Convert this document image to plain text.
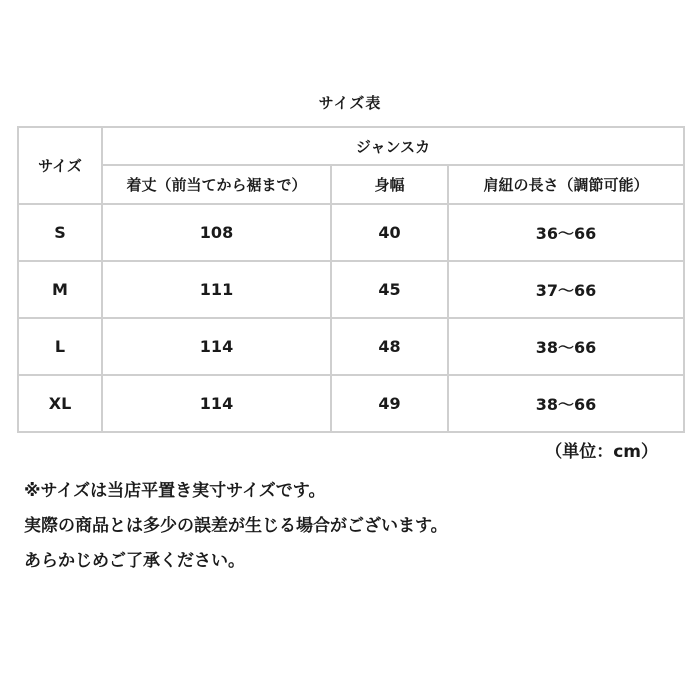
サイズ表
サイズ	ジャンスカ		
	着丈（前当てから裾まで）	身幅	肩紐の長さ（調節可能）
S	108	40	36〜66
M	111	45	37〜66
L	114	48	38〜66
XL	114	49	38〜66
（単位：cm）
※サイズは当店平置き実寸サイズです。
実際の商品とは多少の誤差が生じる場合がございます。
あらかじめご了承ください。
